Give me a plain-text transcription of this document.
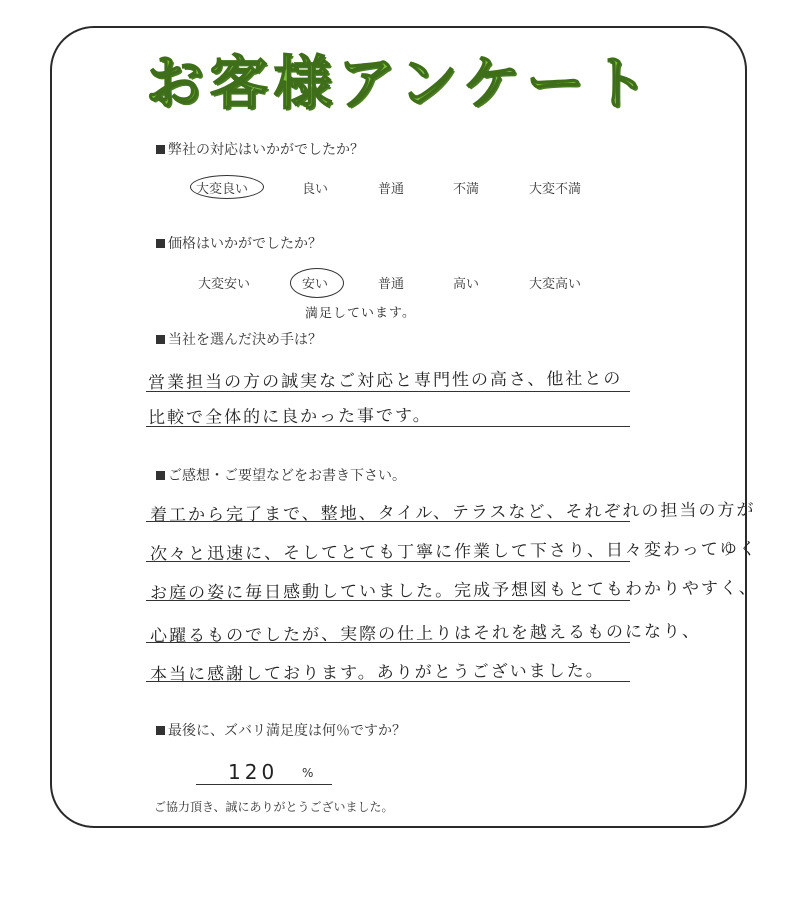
お客様アンケート
弊社の対応はいかがでしたか？
大変良い	良い	普通	不満	大変不満
価格はいかがでしたか？
大変安い	安い	普通	高い	大変高い
満足しています。
当社を選んだ決め手は？
営業担当の方の誠実なご対応と専門性の高さ、他社との
比較で全体的に良かった事です。
ご感想・ご要望などをお書き下さい。
着工から完了まで、整地、タイル、テラスなど、それぞれの担当の方が
次々と迅速に、そしてとても丁寧に作業して下さり、日々変わってゆく
お庭の姿に毎日感動していました。完成予想図もとてもわかりやすく、
心躍るものでしたが、実際の仕上りはそれを越えるものになり、
本当に感謝しております。ありがとうございました。
最後に、ズバリ満足度は何％ですか？
120 %
ご協力頂き、誠にありがとうございました。
